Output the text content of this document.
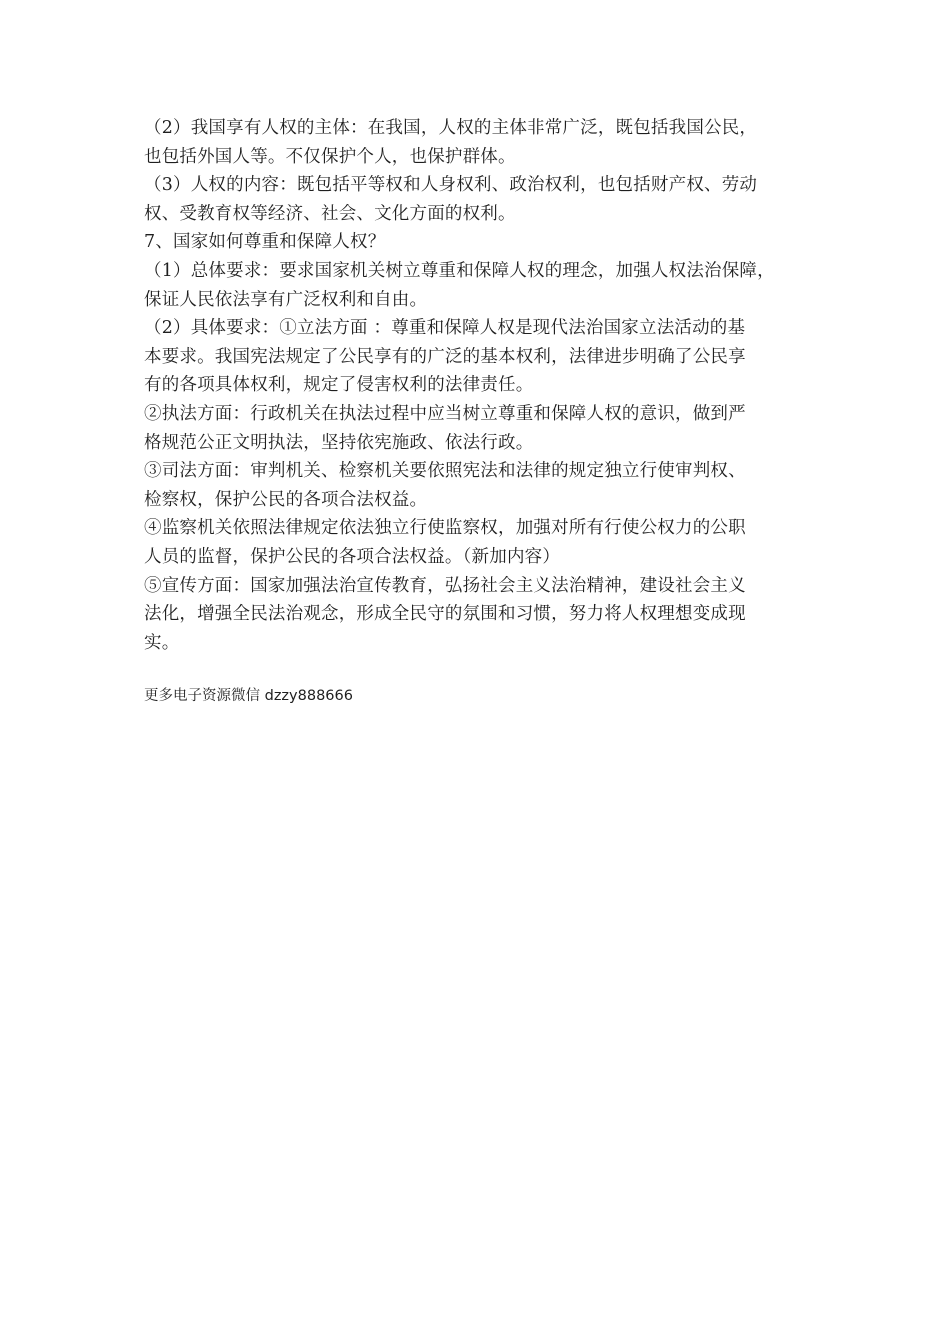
（2）我国享有人权的主体：在我国，人权的主体非常广泛，既包括我国公民，
也包括外国人等。不仅保护个人，也保护群体。
（3）人权的内容：既包括平等权和人身权利、政治权利，也包括财产权、劳动
权、受教育权等经济、社会、文化方面的权利。
7、国家如何尊重和保障人权？
（1）总体要求：要求国家机关树立尊重和保障人权的理念，加强人权法治保障，
保证人民依法享有广泛权利和自由。
（2）具体要求：①立法方面 ：尊重和保障人权是现代法治国家立法活动的基
本要求。我国宪法规定了公民享有的广泛的基本权利，法律进步明确了公民享
有的各项具体权利，规定了侵害权利的法律责任。
②执法方面：行政机关在执法过程中应当树立尊重和保障人权的意识，做到严
格规范公正文明执法，坚持依宪施政、依法行政。
③司法方面：审判机关、检察机关要依照宪法和法律的规定独立行使审判权、
检察权，保护公民的各项合法权益。
④监察机关依照法律规定依法独立行使监察权，加强对所有行使公权力的公职
人员的监督，保护公民的各项合法权益。（新加内容）
⑤宣传方面：国家加强法治宣传教育，弘扬社会主义法治精神，建设社会主义
法化，增强全民法治观念，形成全民守的氛围和习惯，努力将人权理想变成现
实。
更多电子资源微信 dzzy888666
